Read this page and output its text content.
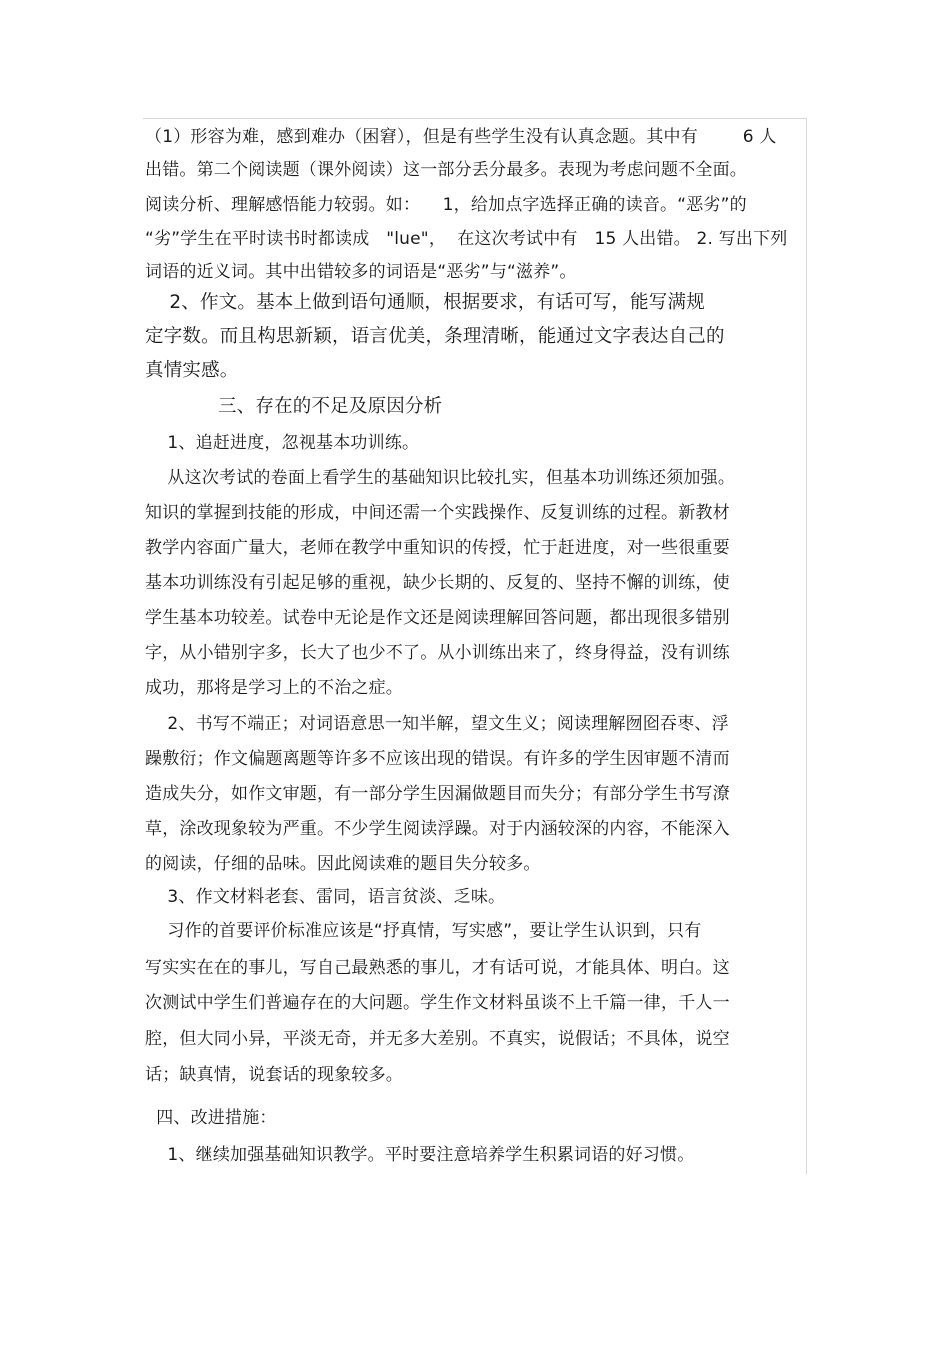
（1）形容为难，感到难办（困窘），但是有些学生没有认真念题。其中有        6 人
出错。第二个阅读题（课外阅读）这一部分丢分最多。表现为考虑问题不全面。
阅读分析、理解感悟能力较弱。如：    1，给加点字选择正确的读音。“恶劣”的
“劣”学生在平时读书时都读成   "lue"，  在这次考试中有   15 人出错。 2. 写出下列
词语的近义词。其中出错较多的词语是“恶劣”与“滋养”。
2、作文。基本上做到语句通顺，根据要求，有话可写，能写满规
定字数。而且构思新颖，语言优美，条理清晰，能通过文字表达自己的
真情实感。
三、存在的不足及原因分析
1、追赶进度，忽视基本功训练。
从这次考试的卷面上看学生的基础知识比较扎实，但基本功训练还须加强。
知识的掌握到技能的形成，中间还需一个实践操作、反复训练的过程。新教材
教学内容面广量大，老师在教学中重知识的传授，忙于赶进度，对一些很重要
基本功训练没有引起足够的重视，缺少长期的、反复的、坚持不懈的训练，使
学生基本功较差。试卷中无论是作文还是阅读理解回答问题，都出现很多错别
字，从小错别字多，长大了也少不了。从小训练出来了，终身得益，没有训练
成功，那将是学习上的不治之症。
2、书写不端正；对词语意思一知半解，望文生义；阅读理解囫囵吞枣、浮
躁敷衍；作文偏题离题等许多不应该出现的错误。有许多的学生因审题不清而
造成失分，如作文审题，有一部分学生因漏做题目而失分；有部分学生书写潦
草，涂改现象较为严重。不少学生阅读浮躁。对于内涵较深的内容，不能深入
的阅读，仔细的品味。因此阅读难的题目失分较多。
3、作文材料老套、雷同，语言贫淡、乏味。
习作的首要评价标准应该是“抒真情，写实感”，要让学生认识到，只有
写实实在在的事儿，写自己最熟悉的事儿，才有话可说，才能具体、明白。这
次测试中学生们普遍存在的大问题。学生作文材料虽谈不上千篇一律，千人一
腔，但大同小异，平淡无奇，并无多大差别。不真实，说假话；不具体，说空
话；缺真情，说套话的现象较多。
四、改进措施：
1、继续加强基础知识教学。平时要注意培养学生积累词语的好习惯。
